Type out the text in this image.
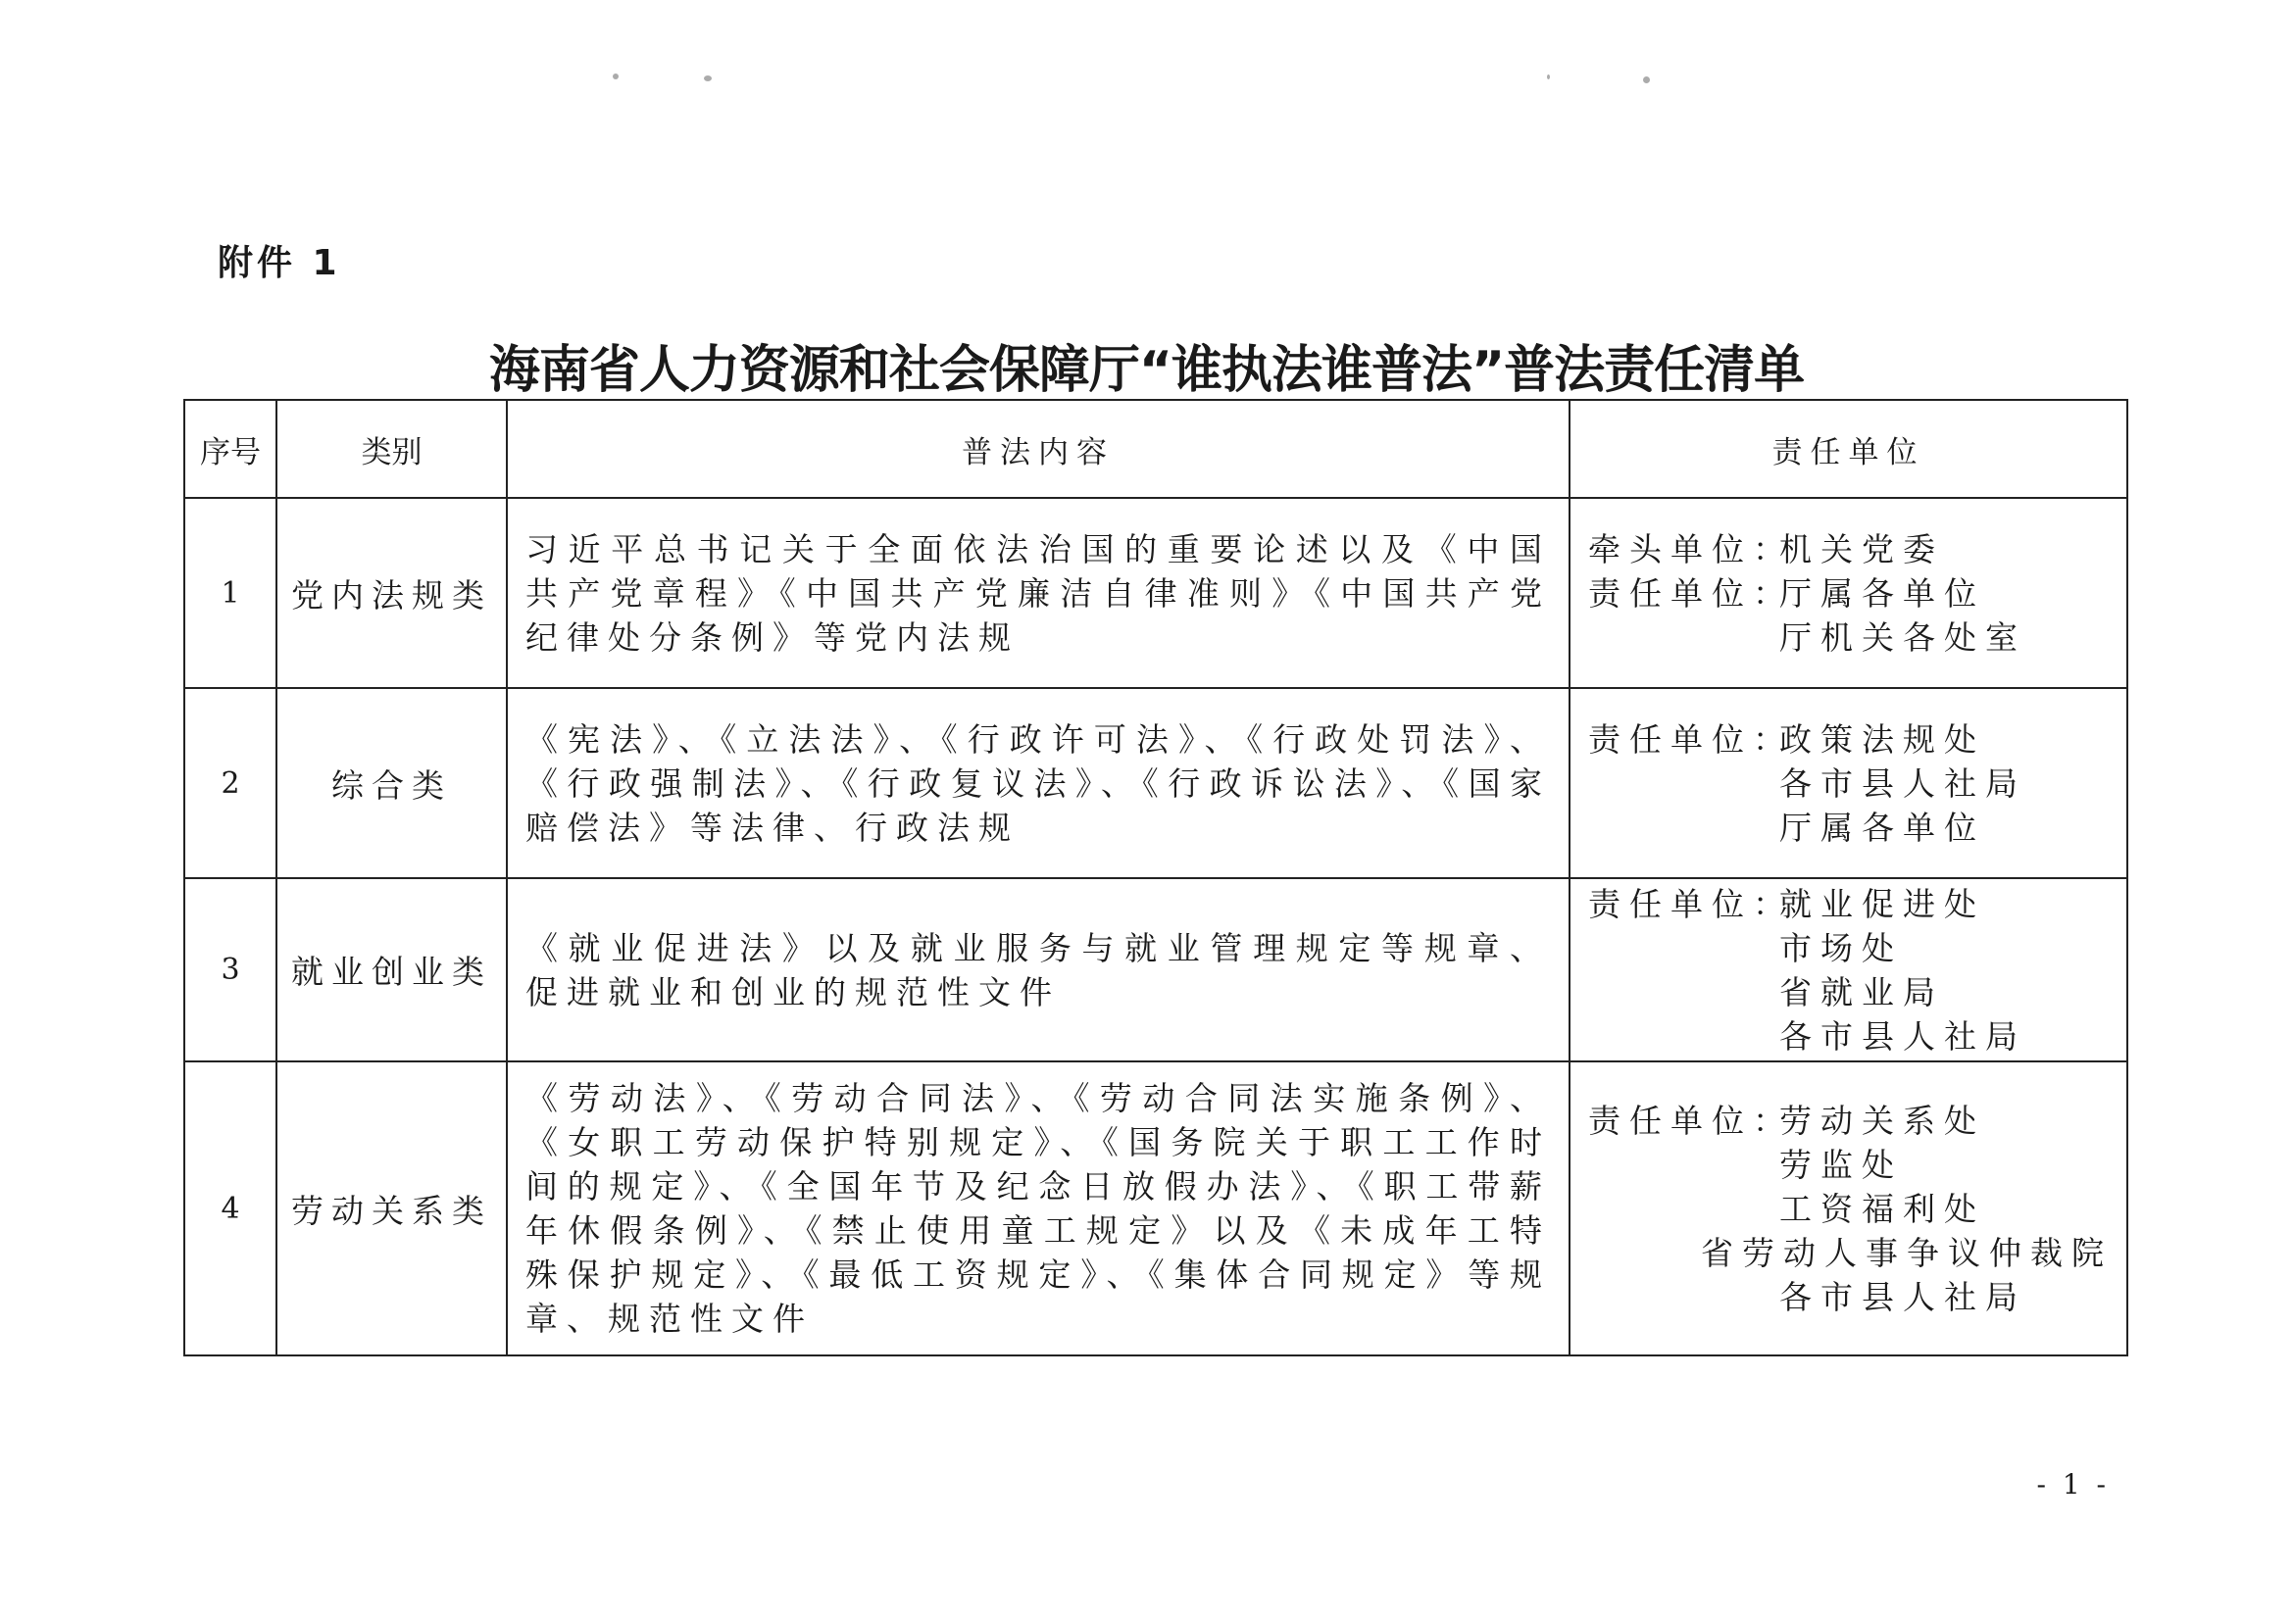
附件 1
海南省人力资源和社会保障厅“谁执法谁普法”普法责任清单
序号	类别	普法内容	责任单位
1	党内法规类	习近平总书记关于全面依法治国的重要论述以及《中国共产党章程》《中国共产党廉洁自律准则》《中国共产党纪律处分条例》等党内法规	牵头单位：机关党委
责任单位：厅属各单位
厅机关各处室

2	综合类	《宪法》、《立法法》、《行政许可法》、《行政处罚法》、《行政强制法》、《行政复议法》、《行政诉讼法》、《国家赔偿法》等法律、行政法规	责任单位：政策法规处
各市县人社局
厅属各单位

3	就业创业类	《就业促进法》以及就业服务与就业管理规定等规章、促进就业和创业的规范性文件	责任单位：就业促进处
市场处
省就业局
各市县人社局

4	劳动关系类	《劳动法》、《劳动合同法》、《劳动合同法实施条例》、《女职工劳动保护特别规定》、《国务院关于职工工作时间的规定》、《全国年节及纪念日放假办法》、《职工带薪年休假条例》、《禁止使用童工规定》以及《未成年工特殊保护规定》、《最低工资规定》、《集体合同规定》等规章、规范性文件	责任单位：劳动关系处
劳监处
工资福利处
省劳动人事争议仲裁院
各市县人社局
- 1 -
